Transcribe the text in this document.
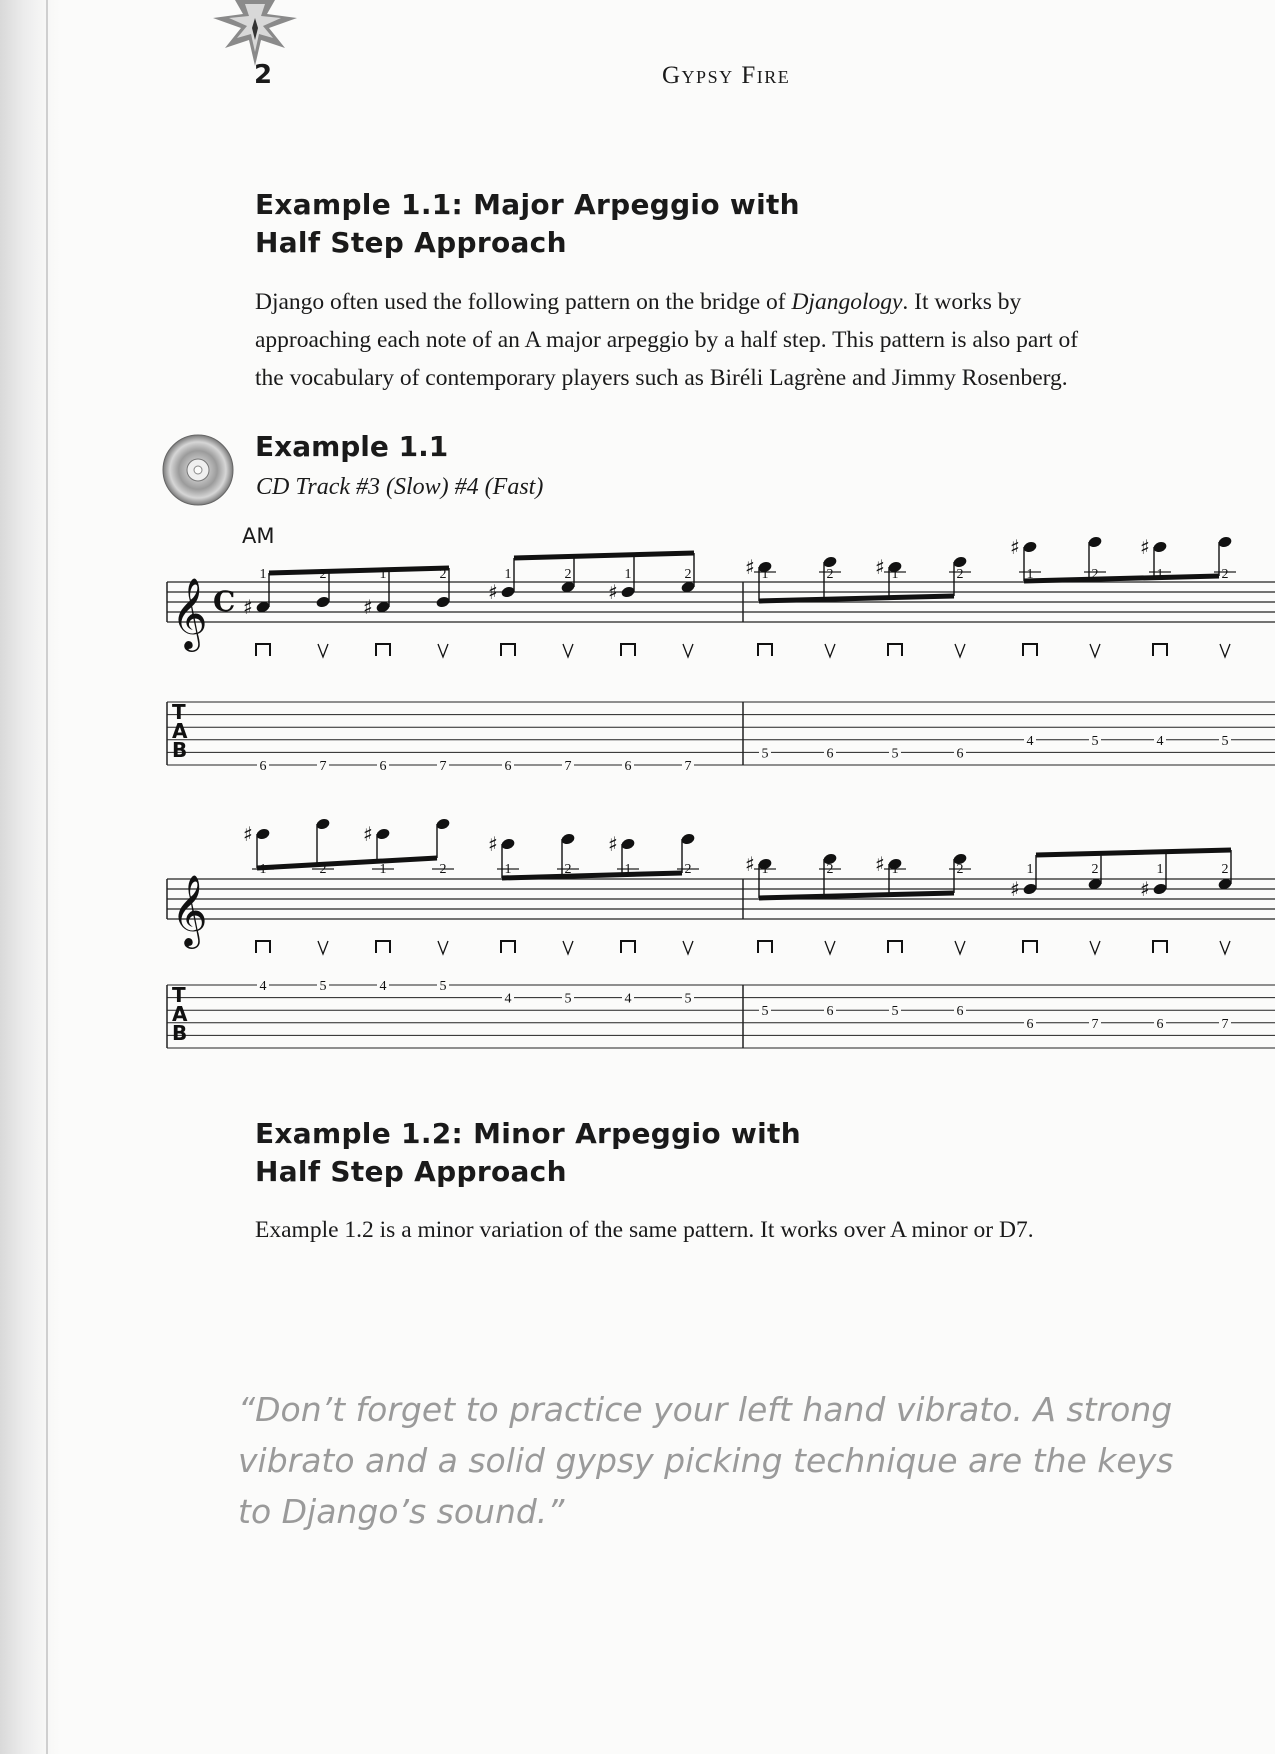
2	Gypsy Fire
Example 1.1: Major Arpeggio with
Half Step Approach

Django often used the following pattern on the bridge of Djangology. It works by
approaching each note of an A major arpeggio by a half step. This pattern is also part of
the vocabulary of contemporary players such as Biréli Lagrène and Jimmy Rosenberg.

Example 1.1
CD Track #3 (Slow) #4 (Fast)
AM
𝄞 C ♯	♯
♯	♯
♯	♯
♯	♯
1	2	1	2	1	2	1	2	1	2	1	2	1	2	1	2
T
A
B
6	7	6	7	6	7	6	7
5	6	5	6
4	5	4	5
𝄞
♯	♯	♯	♯
♯	♯
♯	♯
1	2	1	2	1	2	1	2	1	2	1	2	1	2	1	2
T
A
B
4	5	4	5
4	5	4	5
5	6	5	6
6	7	6	7
Example 1.2: Minor Arpeggio with
Half Step Approach

Example 1.2 is a minor variation of the same pattern. It works over A minor or D7.

“Don’t forget to practice your left hand vibrato. A strong
vibrato and a solid gypsy picking technique are the keys
to Django’s sound.”
